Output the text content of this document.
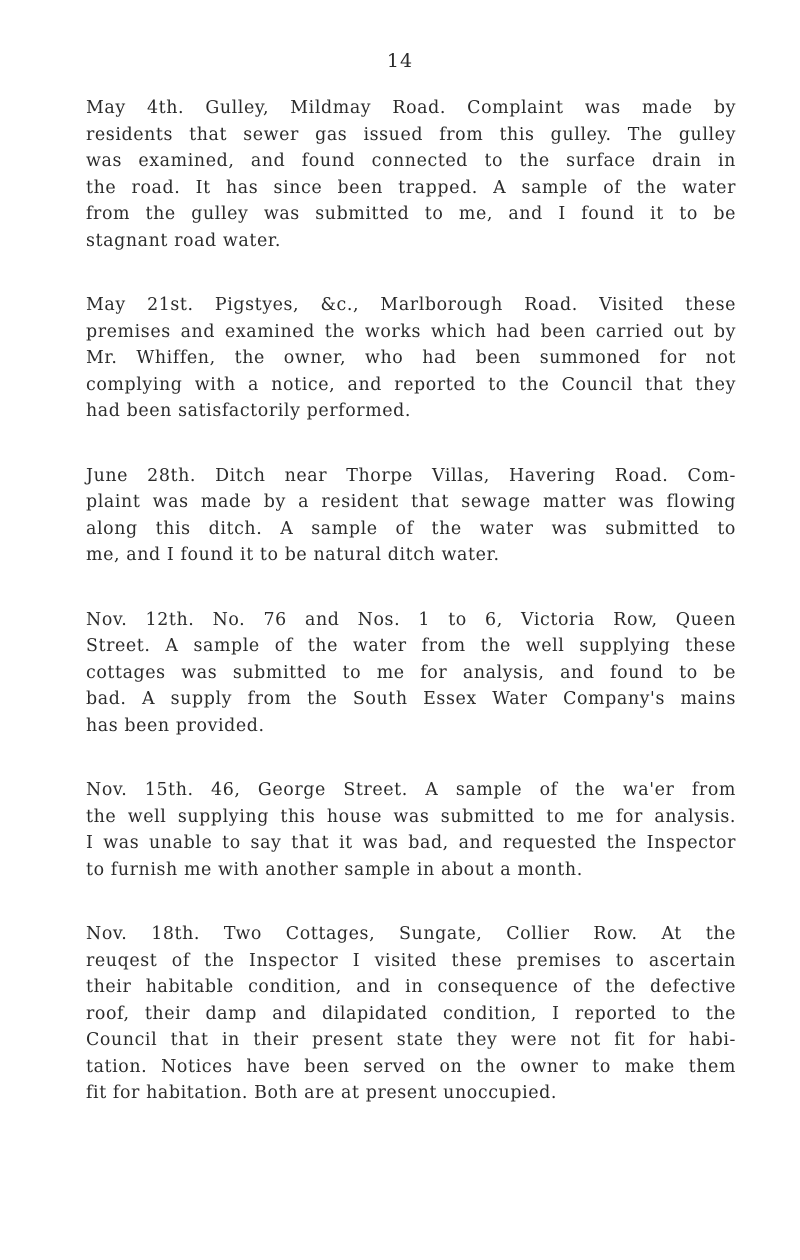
14

May 4th. Gulley, Mildmay Road. Complaint was made by
residents that sewer gas issued from this gulley. The gulley
was examined, and found connected to the surface drain in
the road. It has since been trapped. A sample of the water
from the gulley was submitted to me, and I found it to be
stagnant road water.

May 21st. Pigstyes, &c., Marlborough Road. Visited these
premises and examined the works which had been carried out by
Mr. Whiffen, the owner, who had been summoned for not
complying with a notice, and reported to the Council that they
had been satisfactorily performed.

June 28th. Ditch near Thorpe Villas, Havering Road. Com-
plaint was made by a resident that sewage matter was flowing
along this ditch. A sample of the water was submitted to
me, and I found it to be natural ditch water.

Nov. 12th. No. 76 and Nos. 1 to 6, Victoria Row, Queen
Street. A sample of the water from the well supplying these
cottages was submitted to me for analysis, and found to be
bad. A supply from the South Essex Water Company's mains
has been provided.

Nov. 15th. 46, George Street. A sample of the wa'er from
the well supplying this house was submitted to me for analysis.
I was unable to say that it was bad, and requested the Inspector
to furnish me with another sample in about a month.

Nov. 18th. Two Cottages, Sungate, Collier Row. At the
reuqest of the Inspector I visited these premises to ascertain
their habitable condition, and in consequence of the defective
roof, their damp and dilapidated condition, I reported to the
Council that in their present state they were not fit for habi-
tation. Notices have been served on the owner to make them
fit for habitation. Both are at present unoccupied.
